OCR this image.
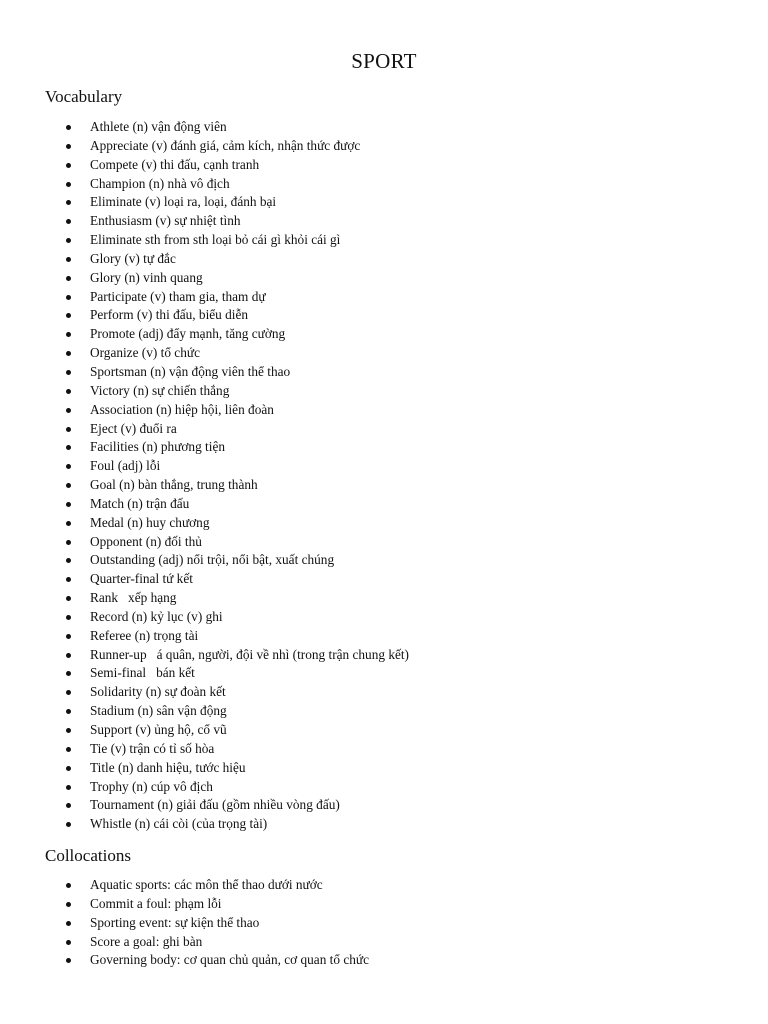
SPORT
Vocabulary
Athlete (n) vận động viên
Appreciate (v) đánh giá, cảm kích, nhận thức được
Compete (v) thi đấu, cạnh tranh
Champion (n) nhà vô địch
Eliminate (v) loại ra, loại, đánh bại
Enthusiasm (v) sự nhiệt tình
Eliminate sth from sth loại bỏ cái gì khỏi cái gì
Glory (v) tự đắc
Glory (n) vinh quang
Participate (v) tham gia, tham dự
Perform (v) thi đấu, biểu diễn
Promote (adj) đẩy mạnh, tăng cường
Organize (v) tổ chức
Sportsman (n) vận động viên thể thao
Victory (n) sự chiến thắng
Association (n) hiệp hội, liên đoàn
Eject (v) đuổi ra
Facilities (n) phương tiện
Foul (adj) lỗi
Goal (n) bàn thắng, trung thành
Match (n) trận đấu
Medal (n) huy chương
Opponent (n) đối thủ
Outstanding (adj) nổi trội, nổi bật, xuất chúng
Quarter-final tứ kết
Rank   xếp hạng
Record (n) kỷ lục (v) ghi
Referee (n) trọng tài
Runner-up   á quân, người, đội về nhì (trong trận chung kết)
Semi-final   bán kết
Solidarity (n) sự đoàn kết
Stadium (n) sân vận động
Support (v) ủng hộ, cổ vũ
Tie (v) trận có tỉ số hòa
Title (n) danh hiệu, tước hiệu
Trophy (n) cúp vô địch
Tournament (n) giải đấu (gồm nhiều vòng đấu)
Whistle (n) cái còi (của trọng tài)
Collocations
Aquatic sports: các môn thể thao dưới nước
Commit a foul: phạm lỗi
Sporting event: sự kiện thể thao
Score a goal: ghi bàn
Governing body: cơ quan chủ quản, cơ quan tổ chức
